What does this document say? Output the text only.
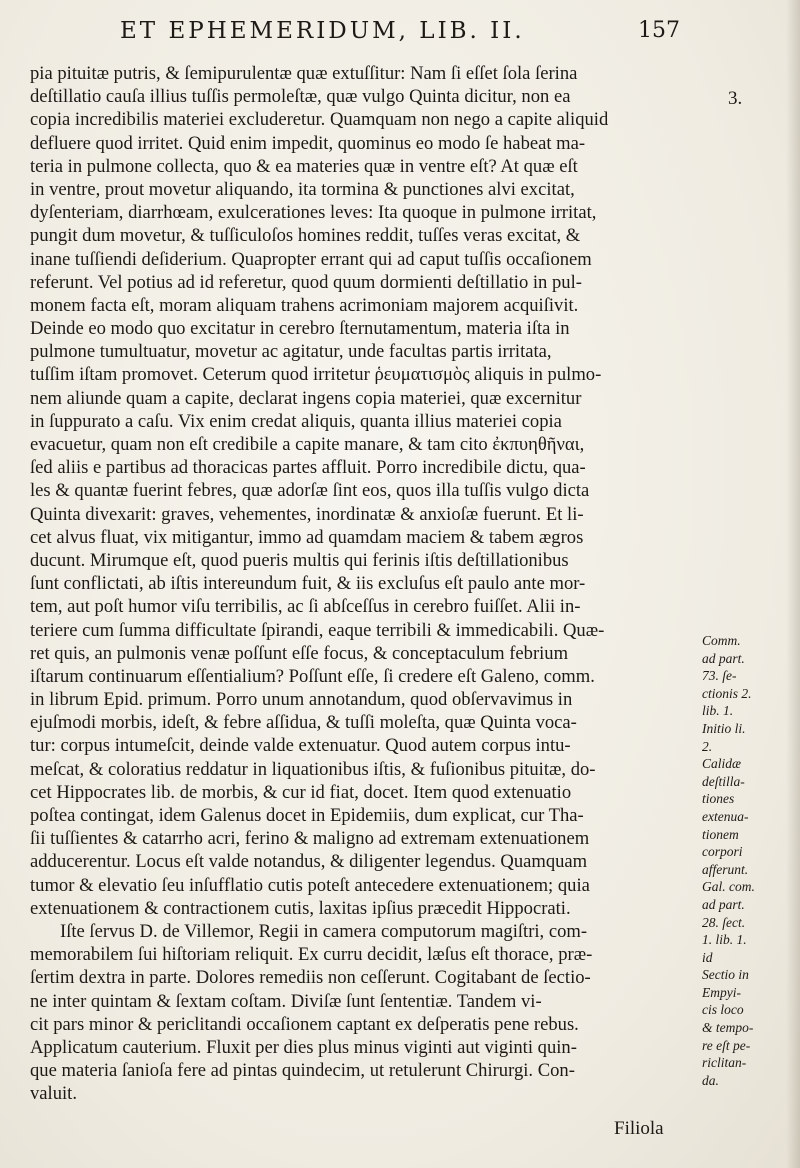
ET EPHEMERIDUM, LIB. II.	157
3.
pia pituitæ putris, & ſemipurulentæ quæ extuſſitur: Nam ſi eſſet ſola ſerina
deſtillatio cauſa illius tuſſis permoleſtæ, quæ vulgo Quinta dicitur, non ea
copia incredibilis materiei excluderetur. Quamquam non nego a capite aliquid
defluere quod irritet. Quid enim impedit, quominus eo modo ſe habeat ma-
teria in pulmone collecta, quo & ea materies quæ in ventre eſt? At quæ eſt
in ventre, prout movetur aliquando, ita tormina & punctiones alvi excitat,
dyſenteriam, diarrhœam, exulcerationes leves: Ita quoque in pulmone irritat,
pungit dum movetur, & tuſſiculoſos homines reddit, tuſſes veras excitat, &
inane tuſſiendi deſiderium. Quapropter errant qui ad caput tuſſis occaſionem
referunt. Vel potius ad id referetur, quod quum dormienti deſtillatio in pul-
monem facta eſt, moram aliquam trahens acrimoniam majorem acquiſivit.
Deinde eo modo quo excitatur in cerebro ſternutamentum, materia iſta in
pulmone tumultuatur, movetur ac agitatur, unde facultas partis irritata,
tuſſim iſtam promovet. Ceterum quod irritetur ῥευματισμὸς aliquis in pulmo-
nem aliunde quam a capite, declarat ingens copia materiei, quæ excernitur
in ſuppurato a caſu. Vix enim credat aliquis, quanta illius materiei copia
evacuetur, quam non eſt credibile a capite manare, & tam cito ἐκπυηθῆναι,
ſed aliis e partibus ad thoracicas partes affluit. Porro incredibile dictu, qua-
les & quantæ fuerint febres, quæ adorſæ ſint eos, quos illa tuſſis vulgo dicta
Quinta divexarit: graves, vehementes, inordinatæ & anxioſæ fuerunt. Et li-
cet alvus fluat, vix mitigantur, immo ad quamdam maciem & tabem ægros
ducunt. Mirumque eſt, quod pueris multis qui ferinis iſtis deſtillationibus
ſunt conflictati, ab iſtis intereundum fuit, & iis excluſus eſt paulo ante mor-
tem, aut poſt humor viſu terribilis, ac ſi abſceſſus in cerebro fuiſſet. Alii in-
teriere cum ſumma difficultate ſpirandi, eaque terribili & immedicabili. Quæ-
ret quis, an pulmonis venæ poſſunt eſſe focus, & conceptaculum febrium
iſtarum continuarum eſſentialium? Poſſunt eſſe, ſi credere eſt Galeno, comm.
in librum Epid. primum. Porro unum annotandum, quod obſervavimus in
ejuſmodi morbis, ideſt, & febre aſſidua, & tuſſi moleſta, quæ Quinta voca-
tur: corpus intumeſcit, deinde valde extenuatur. Quod autem corpus intu-
meſcat, & coloratius reddatur in liquationibus iſtis, & fuſionibus pituitæ, do-
cet Hippocrates lib. de morbis, & cur id fiat, docet. Item quod extenuatio
poſtea contingat, idem Galenus docet in Epidemiis, dum explicat, cur Tha-
ſii tuſſientes & catarrho acri, ferino & maligno ad extremam extenuationem
adducerentur. Locus eſt valde notandus, & diligenter legendus. Quamquam
tumor & elevatio ſeu inſufflatio cutis poteſt antecedere extenuationem; quia
extenuationem & contractionem cutis, laxitas ipſius præcedit Hippocrati.
Iſte ſervus D. de Villemor, Regii in camera computorum magiſtri, com-
memorabilem ſui hiſtoriam reliquit. Ex curru decidit, læſus eſt thorace, præ-
ſertim dextra in parte. Dolores remediis non ceſſerunt. Cogitabant de ſectio-
ne inter quintam & ſextam coſtam. Diviſæ ſunt ſententiæ. Tandem vi-
cit pars minor & periclitandi occaſionem captant ex deſperatis pene rebus.
Applicatum cauterium. Fluxit per dies plus minus viginti aut viginti quin-
que materia ſanioſa fere ad pintas quindecim, ut retulerunt Chirurgi. Con-
valuit.
Comm.
ad part.
73. ſe-
ctionis 2.
lib. 1.
Initio li.
2.
Calidæ
deſtilla-
tiones
extenua-
tionem
corpori
afferunt.
Gal. com.
ad part.
28. ſect.
1. lib. 1.
id
Sectio in
Empyi-
cis loco
& tempo-
re eſt pe-
riclitan-
da.
Filiola
